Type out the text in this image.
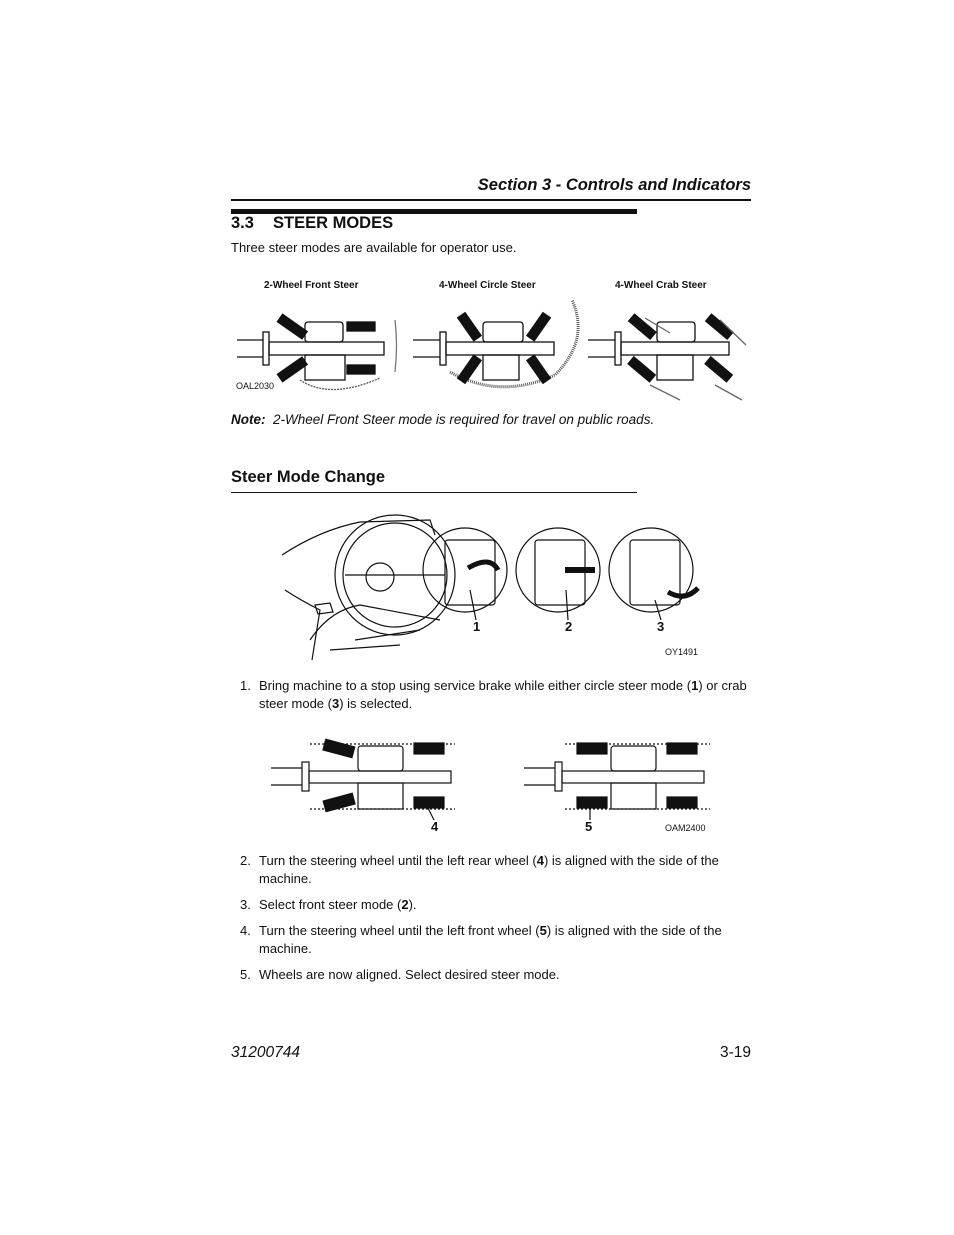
Section 3 - Controls and Indicators
3.3 STEER MODES
Three steer modes are available for operator use.
2-Wheel Front Steer	4-Wheel Circle Steer	4-Wheel Crab Steer
OAL2030
Note: 2-Wheel Front Steer mode is required for travel on public roads.
Steer Mode Change
1	2	3
OY1491
1. Bring machine to a stop using service brake while either circle steer mode (1) or crab steer mode (3) is selected.
4	5	OAM2400
2. Turn the steering wheel until the left rear wheel (4) is aligned with the side of the machine.
3. Select front steer mode (2).
4. Turn the steering wheel until the left front wheel (5) is aligned with the side of the machine.
5. Wheels are now aligned. Select desired steer mode.
31200744	3-19
